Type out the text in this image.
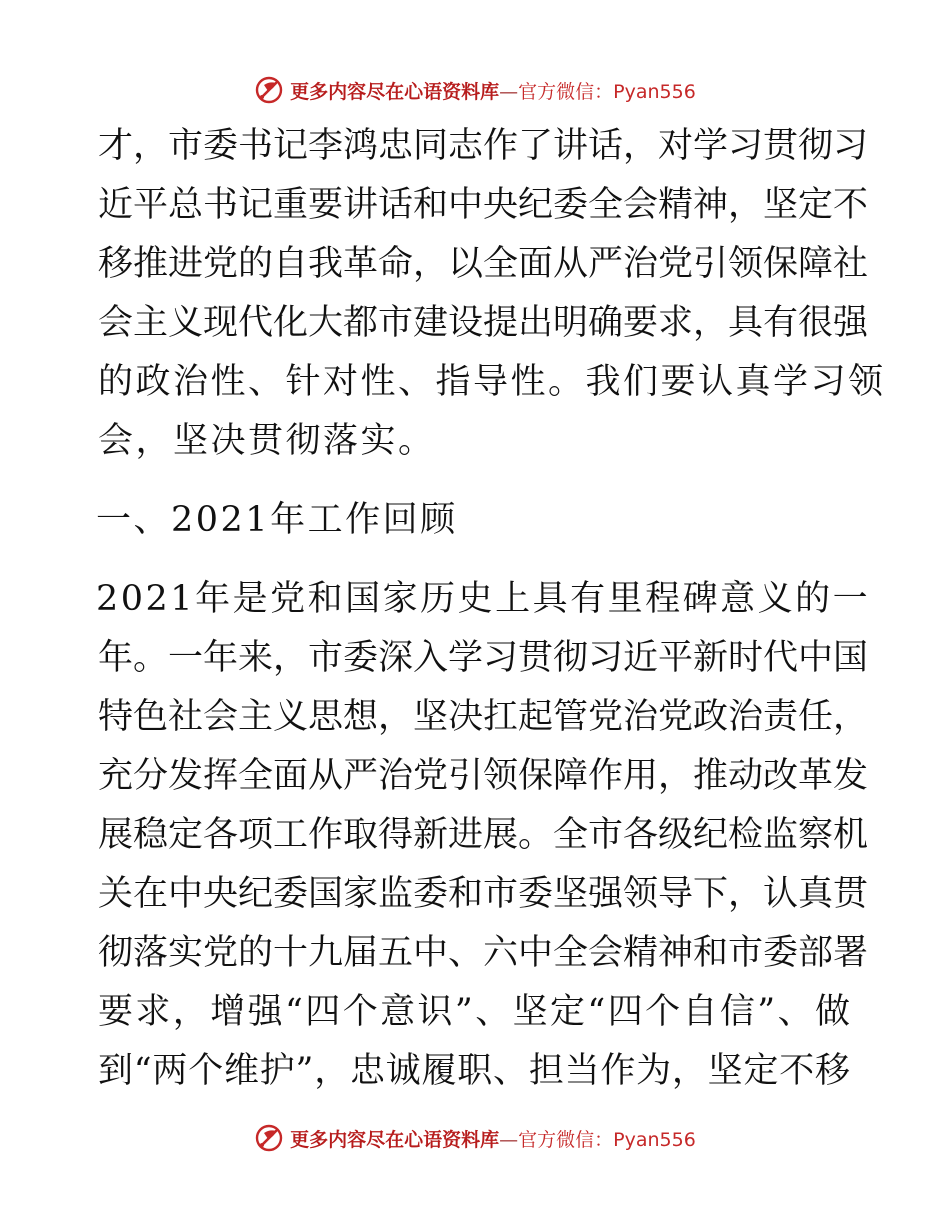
更多内容尽在心语资料库—官方微信：Pyan556
才，市委书记李鸿忠同志作了讲话，对学习贯彻习
近平总书记重要讲话和中央纪委全会精神，坚定不
移推进党的自我革命，以全面从严治党引领保障社
会主义现代化大都市建设提出明确要求，具有很强
的政治性、针对性、指导性。我们要认真学习领
会，坚决贯彻落实。
一、2021年工作回顾
2021年是党和国家历史上具有里程碑意义的一
年。一年来，市委深入学习贯彻习近平新时代中国
特色社会主义思想，坚决扛起管党治党政治责任，
充分发挥全面从严治党引领保障作用，推动改革发
展稳定各项工作取得新进展。全市各级纪检监察机
关在中央纪委国家监委和市委坚强领导下，认真贯
彻落实党的十九届五中、六中全会精神和市委部署
要求，增强“四个意识”、坚定“四个自信”、做
到“两个维护”，忠诚履职、担当作为，坚定不移
更多内容尽在心语资料库—官方微信：Pyan556
